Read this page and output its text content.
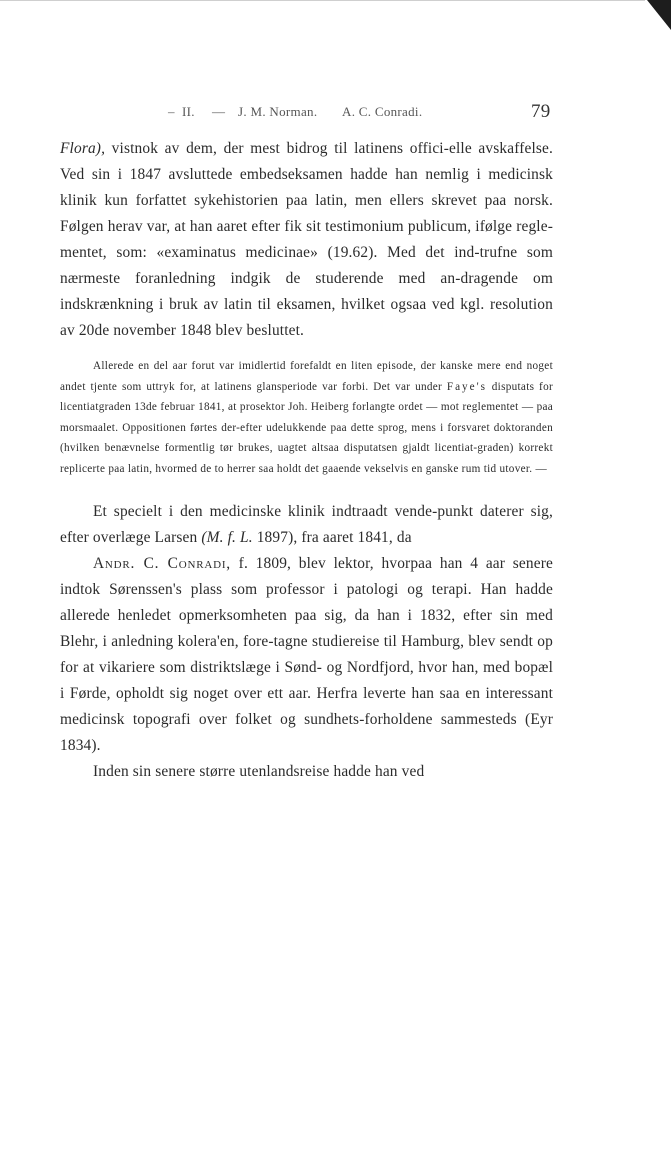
– II. — J. M. Norman. A. C. Conradi.	79

Flora), vistnok av dem, der mest bidrog til latinens offici-elle avskaffelse. Ved sin i 1847 avsluttede embedseksamen hadde han nemlig i medicinsk klinik kun forfattet sykehistorien paa latin, men ellers skrevet paa norsk. Følgen herav var, at han aaret efter fik sit testimonium publicum, ifølge regle-mentet, som: «examinatus medicinae» (19.62). Med det ind-trufne som nærmeste foranledning indgik de studerende med an-dragende om indskrænkning i bruk av latin til eksamen, hvilket ogsaa ved kgl. resolution av 20de november 1848 blev besluttet.

Allerede en del aar forut var imidlertid forefaldt en liten episode, der kanske mere end noget andet tjente som uttryk for, at latinens glansperiode var forbi. Det var under Faye's disputats for licentiatgraden 13de februar 1841, at prosektor Joh. Heiberg forlangte ordet — mot reglementet — paa morsmaalet. Oppositionen førtes der-efter udelukkende paa dette sprog, mens i forsvaret doktoranden (hvilken benævnelse formentlig tør brukes, uagtet altsaa disputatsen gjaldt licentiat-graden) korrekt replicerte paa latin, hvormed de to herrer saa holdt det gaaende vekselvis en ganske rum tid utover. —

Et specielt i den medicinske klinik indtraadt vende-punkt daterer sig, efter overlæge Larsen (M. f. L. 1897), fra aaret 1841, da

Andr. C. Conradi, f. 1809, blev lektor, hvorpaa han 4 aar senere indtok Sørenssen's plass som professor i patologi og terapi. Han hadde allerede henledet opmerksomheten paa sig, da han i 1832, efter sin med Blehr, i anledning kolera'en, fore-tagne studiereise til Hamburg, blev sendt op for at vikariere som distriktslæge i Sønd- og Nordfjord, hvor han, med bopæl i Førde, opholdt sig noget over ett aar. Herfra leverte han saa en interessant medicinsk topografi over folket og sundhets-forholdene sammesteds (Eyr 1834).

Inden sin senere større utenlandsreise hadde han ved
